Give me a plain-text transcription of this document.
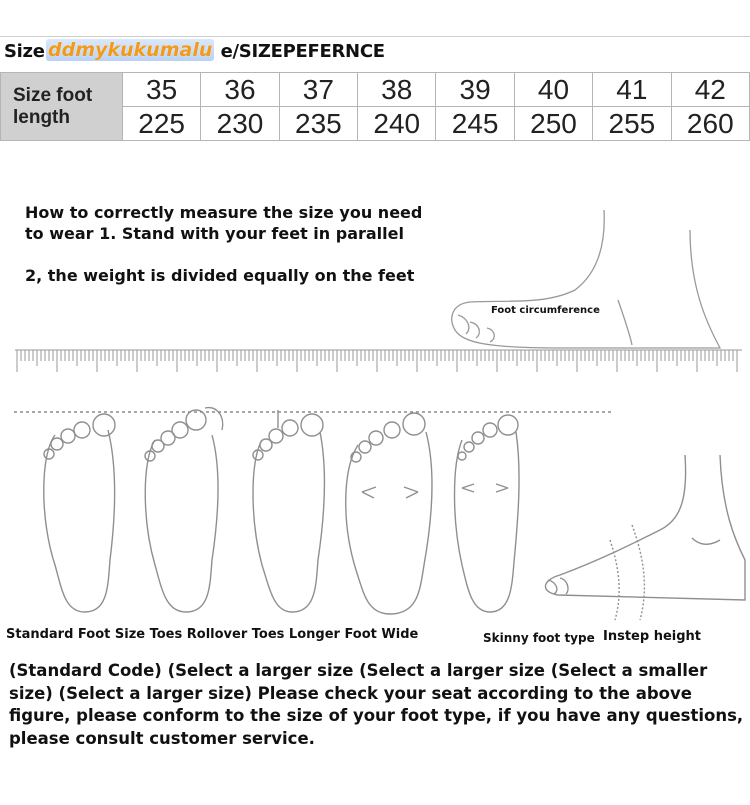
Size	e/SIZEPEFERNCE
ddmykukumalu
Size foot length	35	36	37	38	39	40	41	42
	225	230	235	240	245	250	255	260
How to correctly measure the size you need to wear 1. Stand with your feet in parallel
2, the weight is divided equally on the feet
Foot circumference
Standard Foot Size Toes Rollover Toes Longer Foot Wide	Skinny foot type Instep height
(Standard Code) (Select a larger size (Select a larger size (Select a smaller size) (Select a larger size) Please check your seat according to the above figure, please conform to the size of your foot type, if you have any questions, please consult customer service.
